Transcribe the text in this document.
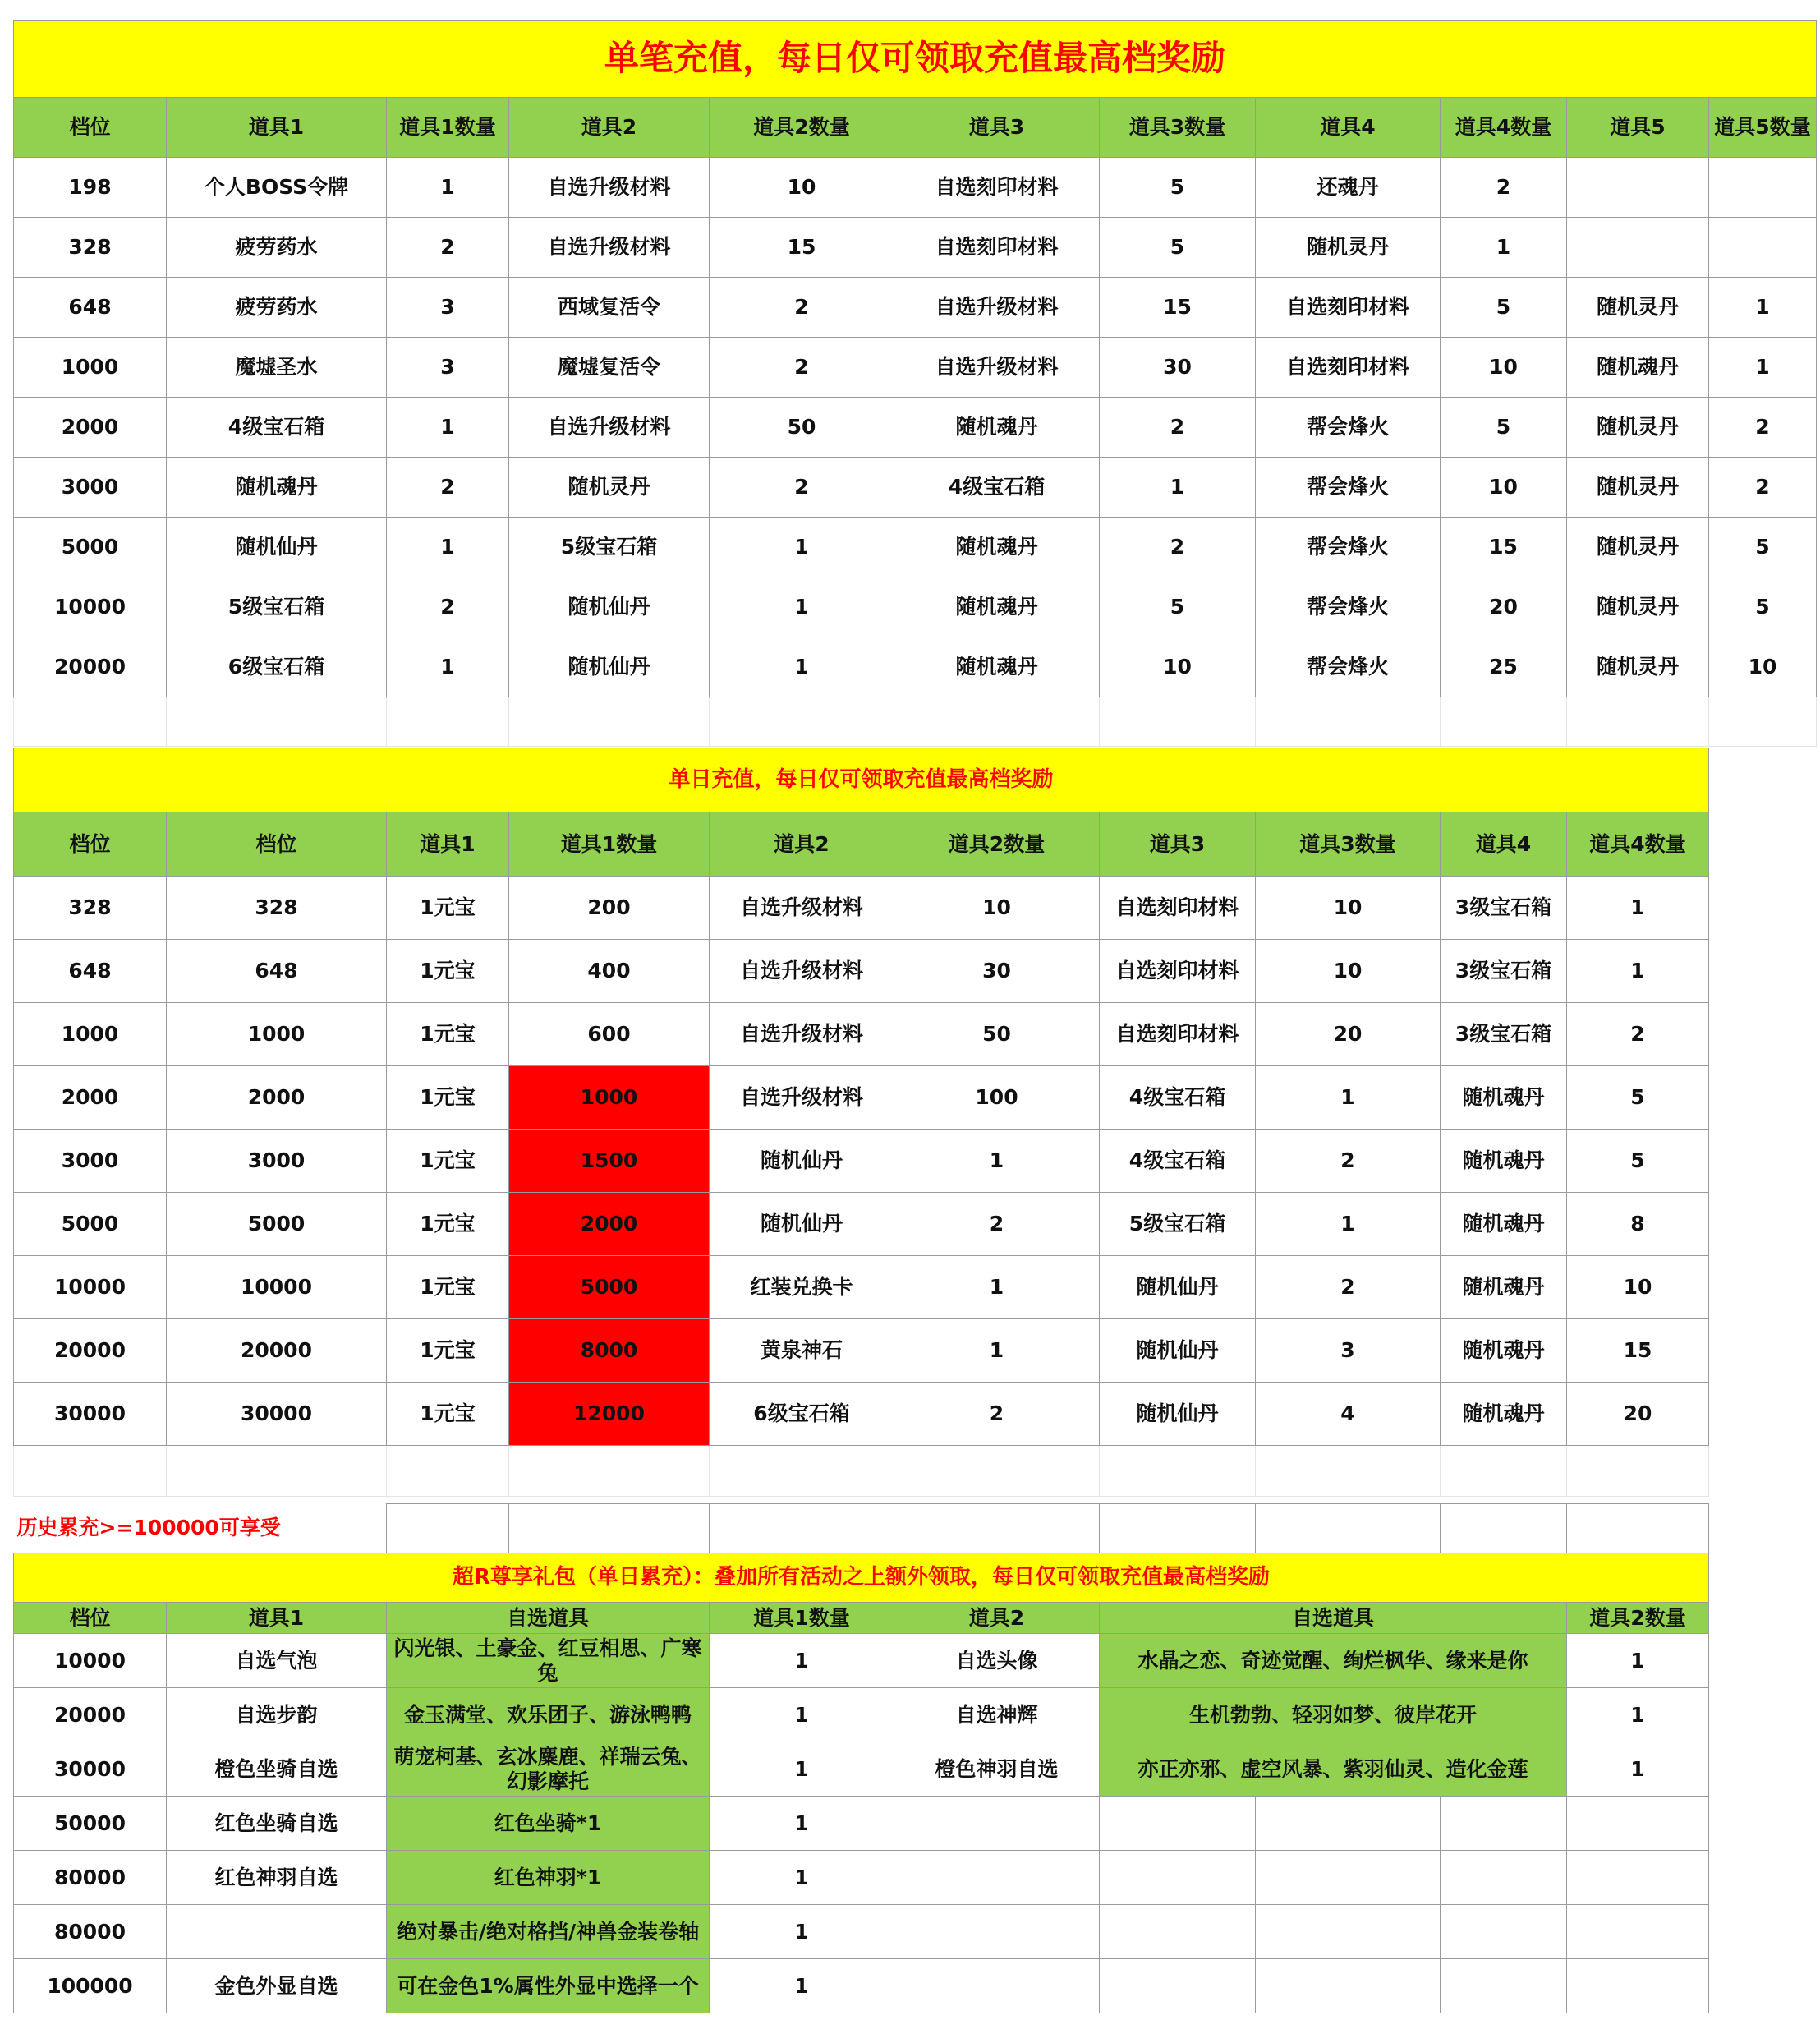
单笔充值，每日仅可领取充值最高档奖励										
档位	道具1	道具1数量	道具2	道具2数量	道具3	道具3数量	道具4	道具4数量	道具5	道具5数量
198	个人BOSS令牌	1	自选升级材料	10	自选刻印材料	5	还魂丹	2		
328	疲劳药水	2	自选升级材料	15	自选刻印材料	5	随机灵丹	1		
648	疲劳药水	3	西域复活令	2	自选升级材料	15	自选刻印材料	5	随机灵丹	1
1000	魔墟圣水	3	魔墟复活令	2	自选升级材料	30	自选刻印材料	10	随机魂丹	1
2000	4级宝石箱	1	自选升级材料	50	随机魂丹	2	帮会烽火	5	随机灵丹	2
3000	随机魂丹	2	随机灵丹	2	4级宝石箱	1	帮会烽火	10	随机灵丹	2
5000	随机仙丹	1	5级宝石箱	1	随机魂丹	2	帮会烽火	15	随机灵丹	5
10000	5级宝石箱	2	随机仙丹	1	随机魂丹	5	帮会烽火	20	随机灵丹	5
20000	6级宝石箱	1	随机仙丹	1	随机魂丹	10	帮会烽火	25	随机灵丹	10

单日充值，每日仅可领取充值最高档奖励									
档位	档位	道具1	道具1数量	道具2	道具2数量	道具3	道具3数量	道具4	道具4数量
328	328	1元宝	200	自选升级材料	10	自选刻印材料	10	3级宝石箱	1
648	648	1元宝	400	自选升级材料	30	自选刻印材料	10	3级宝石箱	1
1000	1000	1元宝	600	自选升级材料	50	自选刻印材料	20	3级宝石箱	2
2000	2000	1元宝	1000	自选升级材料	100	4级宝石箱	1	随机魂丹	5
3000	3000	1元宝	1500	随机仙丹	1	4级宝石箱	2	随机魂丹	5
5000	5000	1元宝	2000	随机仙丹	2	5级宝石箱	1	随机魂丹	8
10000	10000	1元宝	5000	红装兑换卡	1	随机仙丹	2	随机魂丹	10
20000	20000	1元宝	8000	黄泉神石	1	随机仙丹	3	随机魂丹	15
30000	30000	1元宝	12000	6级宝石箱	2	随机仙丹	4	随机魂丹	20

历史累充>=100000可享受									
超R尊享礼包（单日累充）：叠加所有活动之上额外领取，每日仅可领取充值最高档奖励									
档位	道具1	自选道具		道具1数量	道具2	自选道具			道具2数量
10000	自选气泡	闪光银、土豪金、红豆相思、广寒兔		1	自选头像	水晶之恋、奇迹觉醒、绚烂枫华、缘来是你			1
20000	自选步韵	金玉满堂、欢乐团子、游泳鸭鸭		1	自选神辉	生机勃勃、轻羽如梦、彼岸花开			1
30000	橙色坐骑自选	萌宠柯基、玄冰麋鹿、祥瑞云兔、幻影摩托		1	橙色神羽自选	亦正亦邪、虚空风暴、紫羽仙灵、造化金莲			1
50000	红色坐骑自选	红色坐骑*1		1					
80000	红色神羽自选	红色神羽*1		1					
80000		绝对暴击/绝对格挡/神兽金装卷轴		1					
100000	金色外显自选	可在金色1%属性外显中选择一个		1					
